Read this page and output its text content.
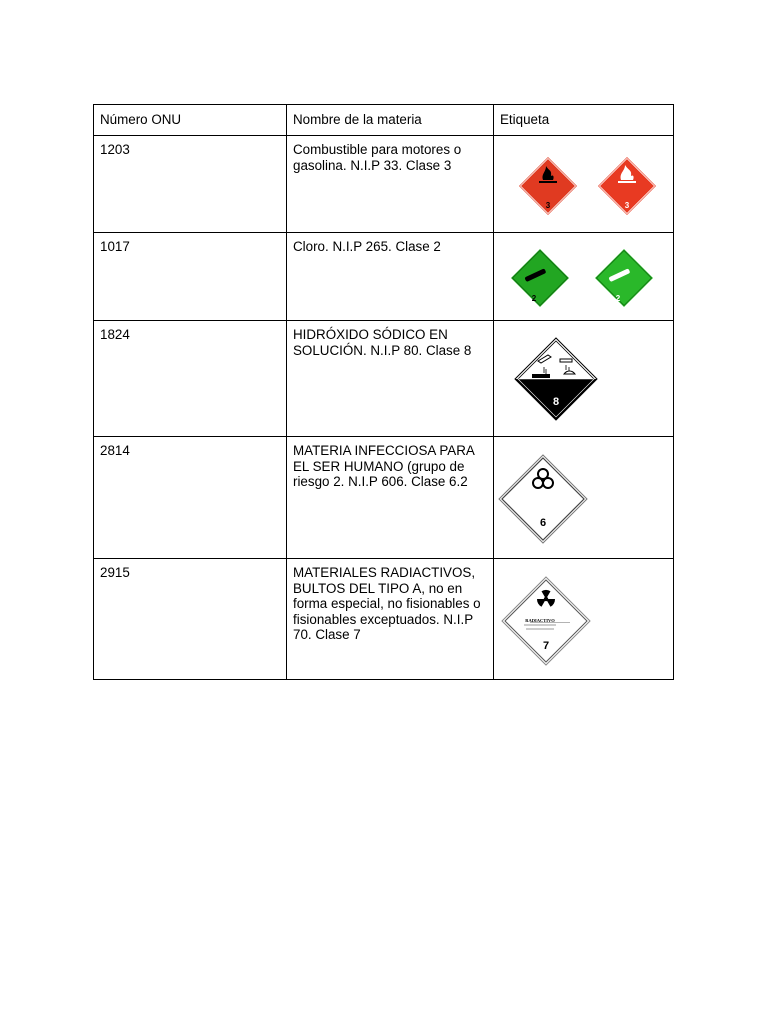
Número ONU	Nombre de la materia	Etiqueta
1203	Combustible para motores o gasolina. N.I.P 33. Clase 3	3 3

1017	Cloro. N.I.P 265. Clase 2	2 2

1824	HIDRÓXIDO SÓDICO EN SOLUCIÓN. N.I.P 80. Clase 8	8

2814	MATERIA INFECCIOSA PARA EL SER HUMANO (grupo de riesgo 2. N.I.P 606. Clase 6.2	6

2915	MATERIALES RADIACTIVOS, BULTOS DEL TIPO A, no en forma especial, no fisionables o fisionables exceptuados. N.I.P 70. Clase 7	RADIACTIVO
7
